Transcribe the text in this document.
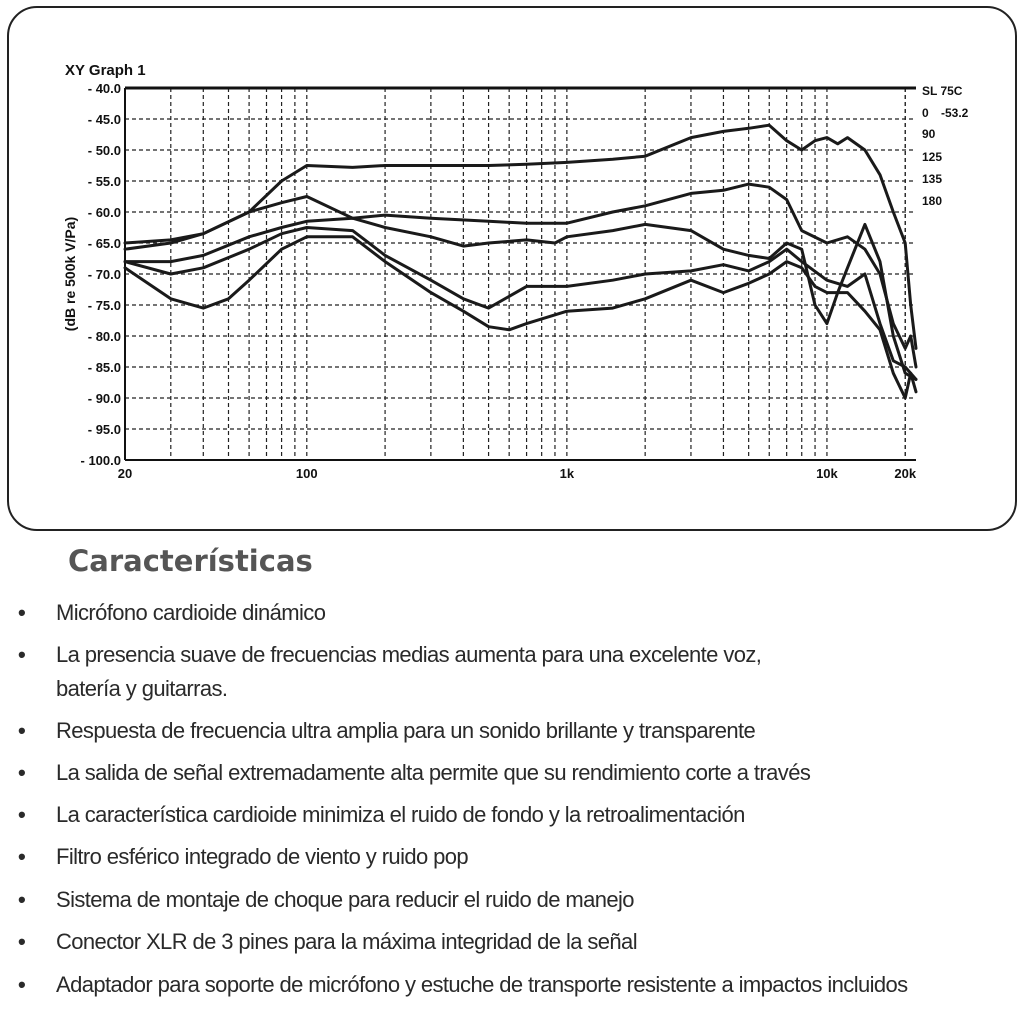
- 40.0
- 45.0
- 50.0
- 55.0
- 60.0
- 65.0
- 70.0
- 75.0
- 80.0
- 85.0
- 90.0
- 95.0
- 100.0
20	100	1k	10k	20k
XY Graph 1
(dB re 500k V/Pa)
SL 75C
0 -53.2
90
125
135
180
Características
•	Micrófono cardioide dinámico
•	La presencia suave de frecuencias medias aumenta para una excelente voz,
batería y guitarras.
•	Respuesta de frecuencia ultra amplia para un sonido brillante y transparente
•	La salida de señal extremadamente alta permite que su rendimiento corte a través
•	La característica cardioide minimiza el ruido de fondo y la retroalimentación
•	Filtro esférico integrado de viento y ruido pop
•	Sistema de montaje de choque para reducir el ruido de manejo
•	Conector XLR de 3 pines para la máxima integridad de la señal
•	Adaptador para soporte de micrófono y estuche de transporte resistente a impactos incluidos
